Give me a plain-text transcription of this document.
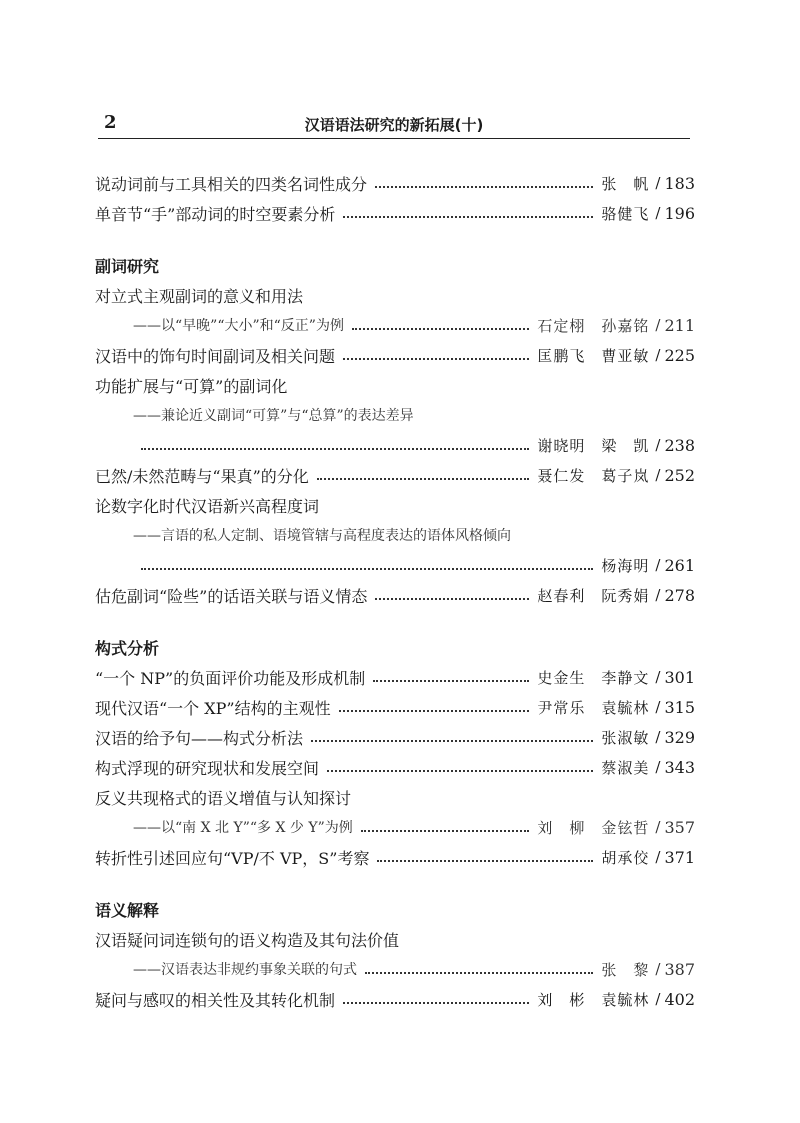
2	汉语语法研究的新拓展(十)
说动词前与工具相关的四类名词性成分	张　帆 / 183
单音节“手”部动词的时空要素分析	骆健飞 / 196
副词研究
对立式主观副词的意义和用法
——以“早晚”“大小”和“反正”为例	石定栩　孙嘉铭 / 211
汉语中的饰句时间副词及相关问题	匡鹏飞　曹亚敏 / 225
功能扩展与“可算”的副词化
——兼论近义副词“可算”与“总算”的表达差异
谢晓明　梁　凯 / 238
已然/未然范畴与“果真”的分化	聂仁发　葛子岚 / 252
论数字化时代汉语新兴高程度词
——言语的私人定制、语境管辖与高程度表达的语体风格倾向
杨海明 / 261
估危副词“险些”的话语关联与语义情态	赵春利　阮秀娟 / 278
构式分析
“一个 NP”的负面评价功能及形成机制	史金生　李静文 / 301
现代汉语“一个 XP”结构的主观性	尹常乐　袁毓林 / 315
汉语的给予句——构式分析法	张淑敏 / 329
构式浮现的研究现状和发展空间	蔡淑美 / 343
反义共现格式的语义增值与认知探讨
——以“南 X 北 Y”“多 X 少 Y”为例	刘　柳　金铉哲 / 357
转折性引述回应句“VP/不 VP，S”考察	胡承佼 / 371
语义解释
汉语疑问词连锁句的语义构造及其句法价值
——汉语表达非规约事象关联的句式	张　黎 / 387
疑问与感叹的相关性及其转化机制	刘　彬　袁毓林 / 402
